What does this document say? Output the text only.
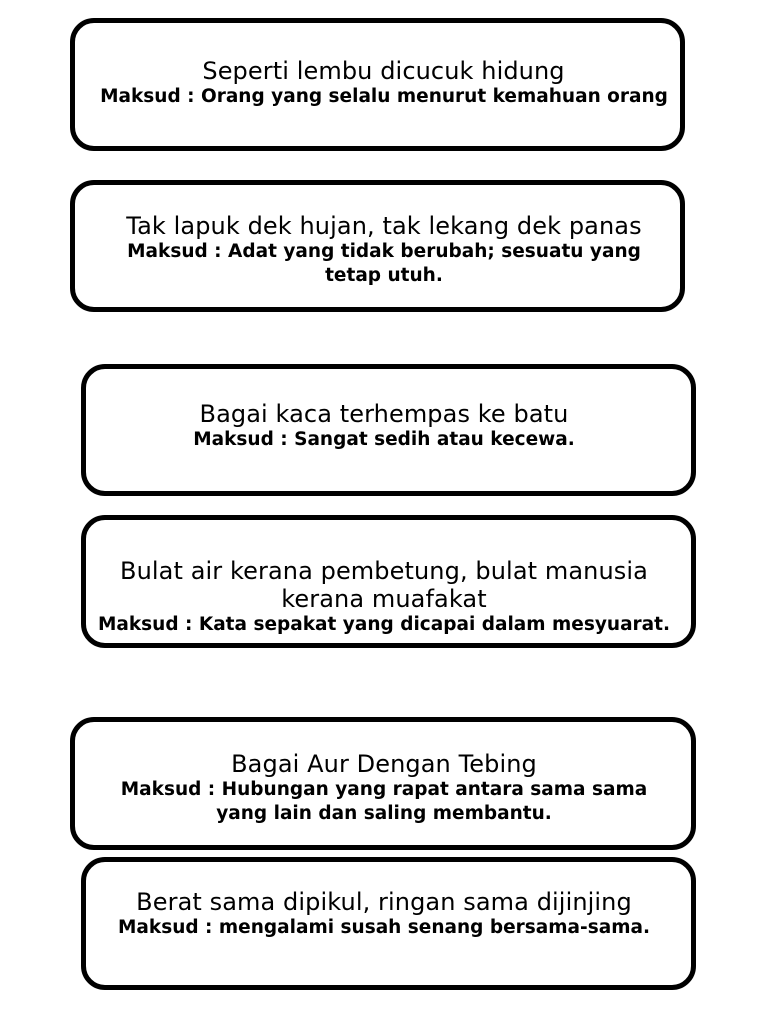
Seperti lembu dicucuk hidung
Maksud : Orang yang selalu menurut kemahuan orang
Tak lapuk dek hujan, tak lekang dek panas
Maksud : Adat yang tidak berubah; sesuatu yang
tetap utuh.
Bagai kaca terhempas ke batu
Maksud : Sangat sedih atau kecewa.
Bulat air kerana pembetung, bulat manusia
kerana muafakat
Maksud : Kata sepakat yang dicapai dalam mesyuarat.
Bagai Aur Dengan Tebing
Maksud : Hubungan yang rapat antara sama sama
yang lain dan saling membantu.
Berat sama dipikul, ringan sama dijinjing
Maksud : mengalami susah senang bersama-sama.
